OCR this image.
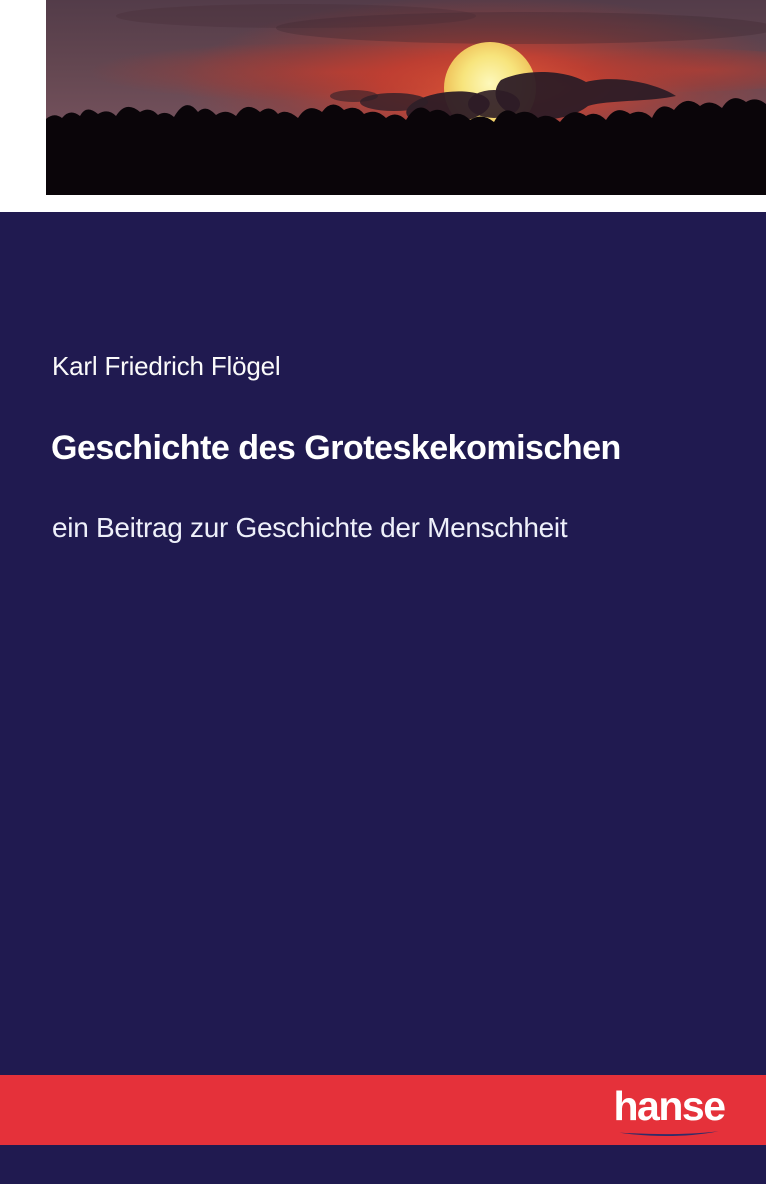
Karl Friedrich Flögel
Geschichte des Groteskekomischen
ein Beitrag zur Geschichte der Menschheit
hanse
